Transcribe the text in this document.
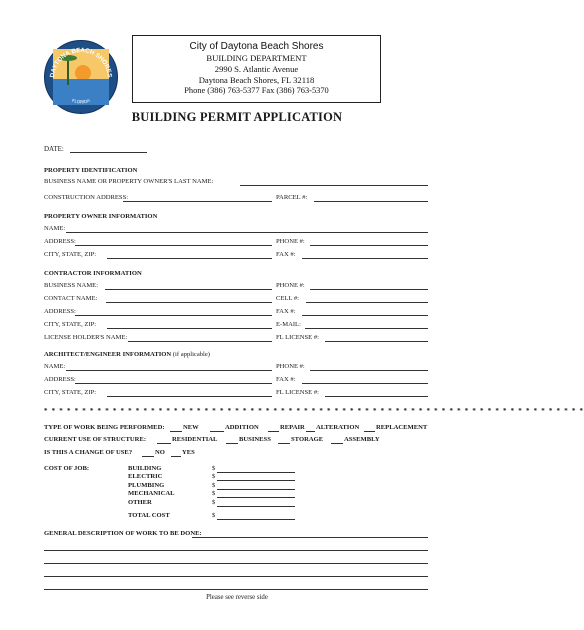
DAYTONA BEACH SHORES
FLORIDA
City of Daytona Beach Shores
BUILDING DEPARTMENT
2990 S. Atlantic Avenue
Daytona Beach Shores, FL 32118
Phone (386) 763-5377 Fax (386) 763-5370
BUILDING PERMIT APPLICATION
DATE:
PROPERTY IDENTIFICATION
BUSINESS NAME OR PROPERTY OWNER'S LAST NAME:
CONSTRUCTION ADDRESS:	PARCEL #:
PROPERTY OWNER INFORMATION
NAME:
ADDRESS:	PHONE #:
CITY, STATE, ZIP:	FAX #:
CONTRACTOR INFORMATION
BUSINESS NAME:	PHONE #:
CONTACT NAME:	CELL #:
ADDRESS:	FAX #:
CITY, STATE, ZIP:	E-MAIL:
LICENSE HOLDER'S NAME:	FL LICENSE #:
ARCHITECT/ENGINEER INFORMATION (if applicable)
NAME:	PHONE #:
ADDRESS:	FAX #:
CITY, STATE, ZIP:	FL LICENSE #:
* * * * * * * * * * * * * * * * * * * * * * * * * * * * * * * * * * * * * * * * * * * * * * * * * * * * * * * * * * * * * * * * * * * * * * *
TYPE OF WORK BEING PERFORMED:	NEW	ADDITION	REPAIR ALTERATION	REPLACEMENT
CURRENT USE OF STRUCTURE:	RESIDENTIAL	BUSINESS	STORAGE	ASSEMBLY
IS THIS A CHANGE OF USE?	NO	YES
COST OF JOB:	BUILDING	$
ELECTRIC	$
PLUMBING	$
MECHANICAL	$
OTHER	$
TOTAL COST	$
GENERAL DESCRIPTION OF WORK TO BE DONE:
Please see reverse side
